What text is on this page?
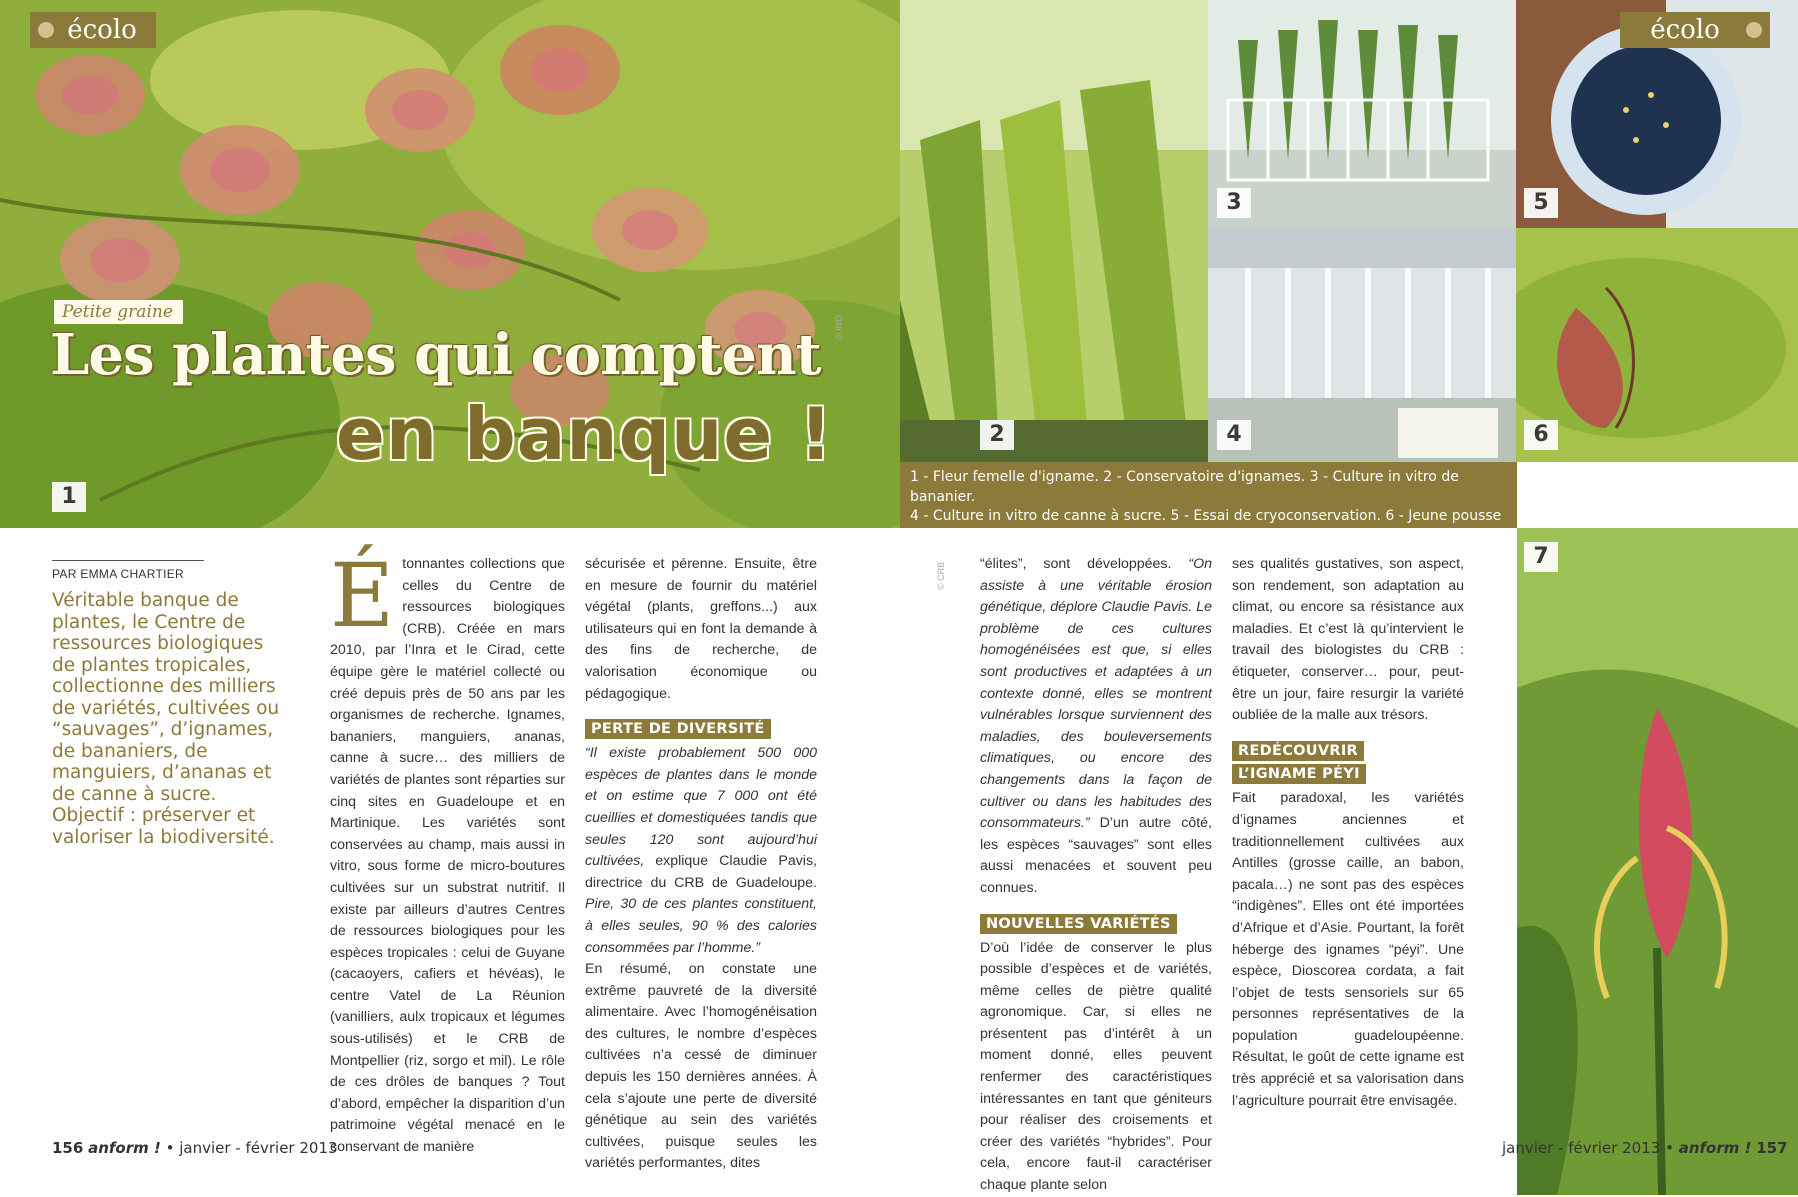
1
2
3
4
5
6
7
écolo	écolo
Petite graine
Les plantes qui comptent
en banque !
© IRD
© CRB
1 - Fleur femelle d'igname. 2 - Conservatoire d'ignames. 3 - Culture in vitro de bananier.
4 - Culture in vitro de canne à sucre. 5 - Essai de cryoconservation. 6 - Jeune pousse d'igname.
7 - Bananier ornemental.
PAR EMMA CHARTIER
Véritable banque de plantes, le Centre de ressources biologiques de plantes tropicales, collectionne des milliers de variétés, cultivées ou “sauvages”, d’ignames, de bananiers, de manguiers, d’ananas et de canne à sucre. Objectif : préserver et valoriser la biodiversité.

Étonnantes collections que celles du Centre de ressources biologiques (CRB). Créée en mars 2010, par l’Inra et le Cirad, cette équipe gère le matériel collecté ou créé depuis près de 50 ans par les organismes de recherche. Ignames, bananiers, manguiers, ananas, canne à sucre… des milliers de variétés de plantes sont réparties sur cinq sites en Guadeloupe et en Martinique. Les variétés sont conservées au champ, mais aussi in vitro, sous forme de micro-boutures cultivées sur un substrat nutritif. Il existe par ailleurs d’autres Centres de ressources biologiques pour les espèces tropicales : celui de Guyane (cacaoyers, cafiers et hévéas), le centre Vatel de La Réunion (vanilliers, aulx tropicaux et légumes sous-utilisés) et le CRB de Montpellier (riz, sorgo et mil). Le rôle de ces drôles de banques ? Tout d’abord, empêcher la disparition d’un patrimoine végétal menacé en le conservant de manière

sécurisée et pérenne. Ensuite, être en mesure de fournir du matériel végétal (plants, greffons...) aux utilisateurs qui en font la demande à des fins de recherche, de valorisation économique ou pédagogique.

PERTE DE DIVERSITÉ

“Il existe probablement 500 000 espèces de plantes dans le monde et on estime que 7 000 ont été cueillies et domestiquées tandis que seules 120 sont aujourd’hui cultivées, explique Claudie Pavis, directrice du CRB de Guadeloupe. Pire, 30 de ces plantes constituent, à elles seules, 90 % des calories consommées par l’homme.”

En résumé, on constate une extrême pauvreté de la diversité alimentaire. Avec l’homogénéisation des cultures, le nombre d’espèces cultivées n’a cessé de diminuer depuis les 150 dernières années. À cela s’ajoute une perte de diversité génétique au sein des variétés cultivées, puisque seules les variétés performantes, dites

“élites”, sont développées. “On assiste à une véritable érosion génétique, déplore Claudie Pavis. Le problème de ces cultures homogénéisées est que, si elles sont productives et adaptées à un contexte donné, elles se montrent vulnérables lorsque surviennent des maladies, des bouleversements climatiques, ou encore des changements dans la façon de cultiver ou dans les habitudes des consommateurs.” D’un autre côté, les espèces “sauvages” sont elles aussi menacées et souvent peu connues.

NOUVELLES VARIÉTÉS

D’où l’idée de conserver le plus possible d’espèces et de variétés, même celles de piètre qualité agronomique. Car, si elles ne présentent pas d’intérêt à un moment donné, elles peuvent renfermer des caractéristiques intéressantes en tant que géniteurs pour réaliser des croisements et créer des variétés “hybrides”. Pour cela, encore faut-il caractériser chaque plante selon

ses qualités gustatives, son aspect, son rendement, son adaptation au climat, ou encore sa résistance aux maladies. Et c’est là qu’intervient le travail des biologistes du CRB : étiqueter, conserver… pour, peut-être un jour, faire resurgir la variété oubliée de la malle aux trésors.

REDÉCOUVRIR
L’IGNAME PÉYI

Fait paradoxal, les variétés d’ignames anciennes et traditionnellement cultivées aux Antilles (grosse caille, an babon, pacala…) ne sont pas des espèces “indigènes”. Elles ont été importées d’Afrique et d’Asie. Pourtant, la forêt héberge des ignames “péyi”. Une espèce, Dioscorea cordata, a fait l’objet de tests sensoriels sur 65 personnes représentatives de la population guadeloupéenne. Résultat, le goût de cette igname est très apprécié et sa valorisation dans l’agriculture pourrait être envisagée.

156 anform ! • janvier - février 2013	janvier - février 2013 • anform ! 157
